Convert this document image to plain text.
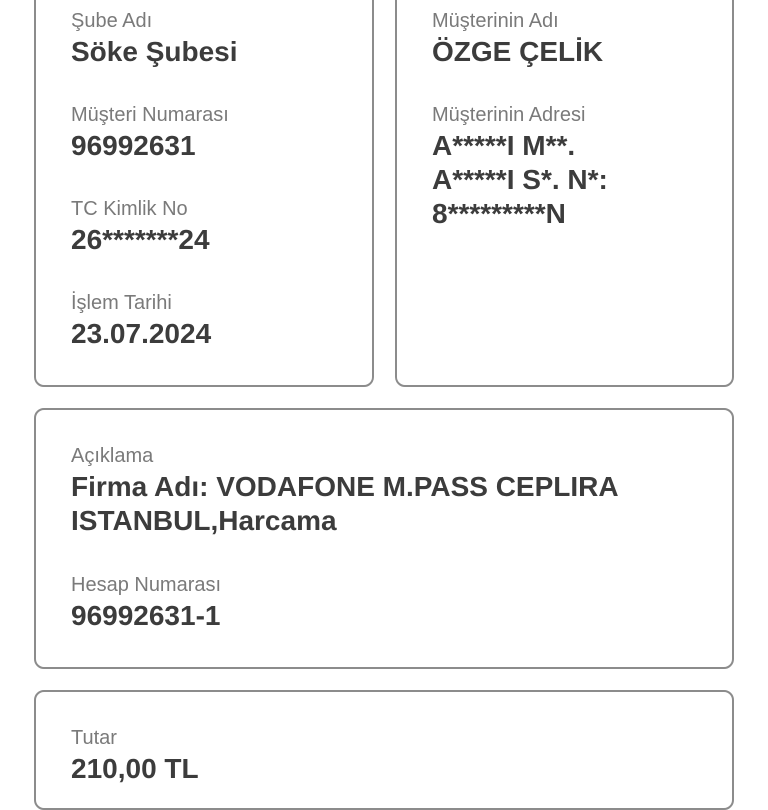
Şube Adı
Söke Şubesi
Müşteri Numarası
96992631
TC Kimlik No
26*******24
İşlem Tarihi
23.07.2024
Müşterinin Adı
ÖZGE ÇELİK
Müşterinin Adresi
A*****I M**.
A*****I S*. N*:
8*********N
Açıklama
Firma Adı: VODAFONE M.PASS CEPLIRA
ISTANBUL,Harcama
Hesap Numarası
96992631-1
Tutar
210,00 TL
